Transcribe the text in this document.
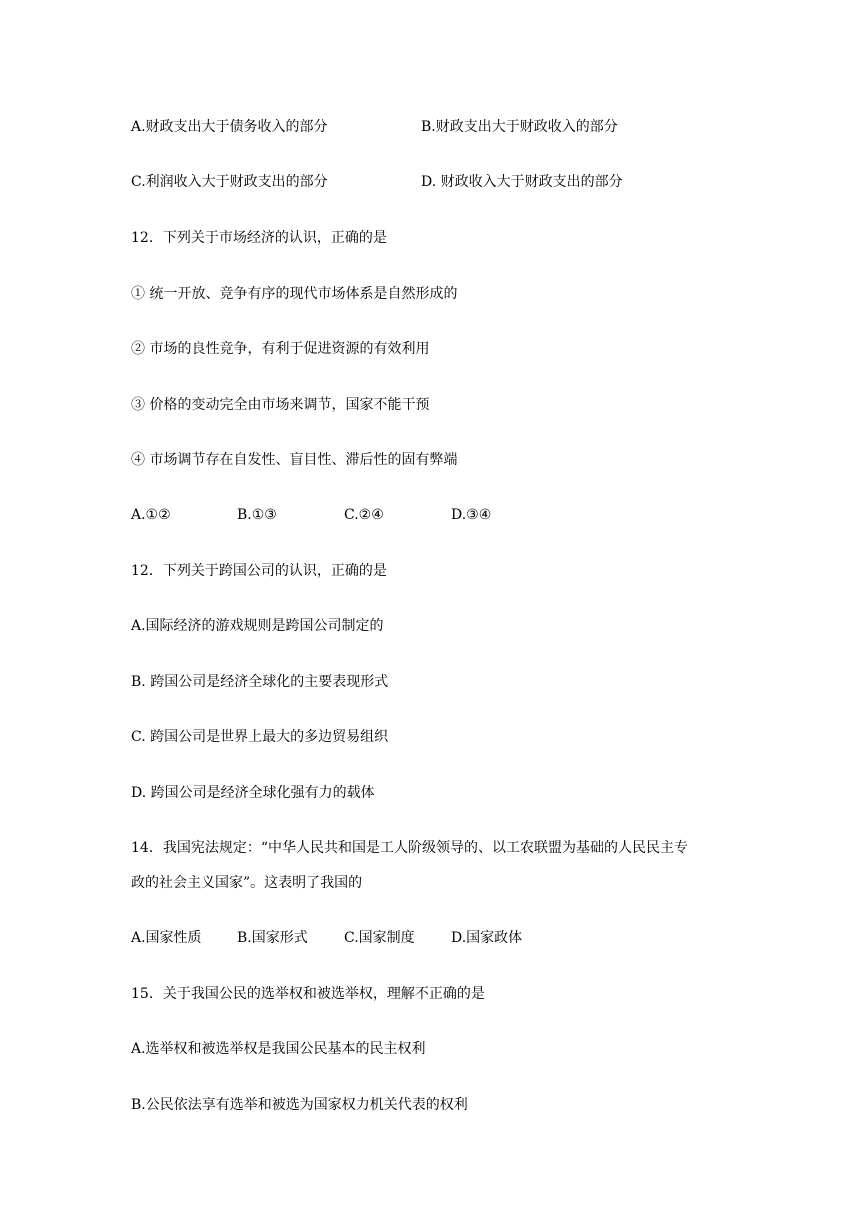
A.财政支出大于债务收入的部分	B.财政支出大于财政收入的部分
C.利润收入大于财政支出的部分	D. 财政收入大于财政支出的部分
12．下列关于市场经济的认识，正确的是
① 统一开放、竞争有序的现代市场体系是自然形成的
② 市场的良性竞争，有利于促进资源的有效利用
③ 价格的变动完全由市场来调节，国家不能干预
④ 市场调节存在自发性、盲目性、滞后性的固有弊端
A.①②	B.①③	C.②④	D.③④
12．下列关于跨国公司的认识，正确的是
A.国际经济的游戏规则是跨国公司制定的
B. 跨国公司是经济全球化的主要表现形式
C. 跨国公司是世界上最大的多边贸易组织
D. 跨国公司是经济全球化强有力的载体
14．我国宪法规定：“中华人民共和国是工人阶级领导的、以工农联盟为基础的人民民主专
政的社会主义国家”。这表明了我国的
A.国家性质	B.国家形式	C.国家制度	D.国家政体
15．关于我国公民的选举权和被选举权，理解不正确的是
A.选举权和被选举权是我国公民基本的民主权利
B.公民依法享有选举和被选为国家权力机关代表的权利
